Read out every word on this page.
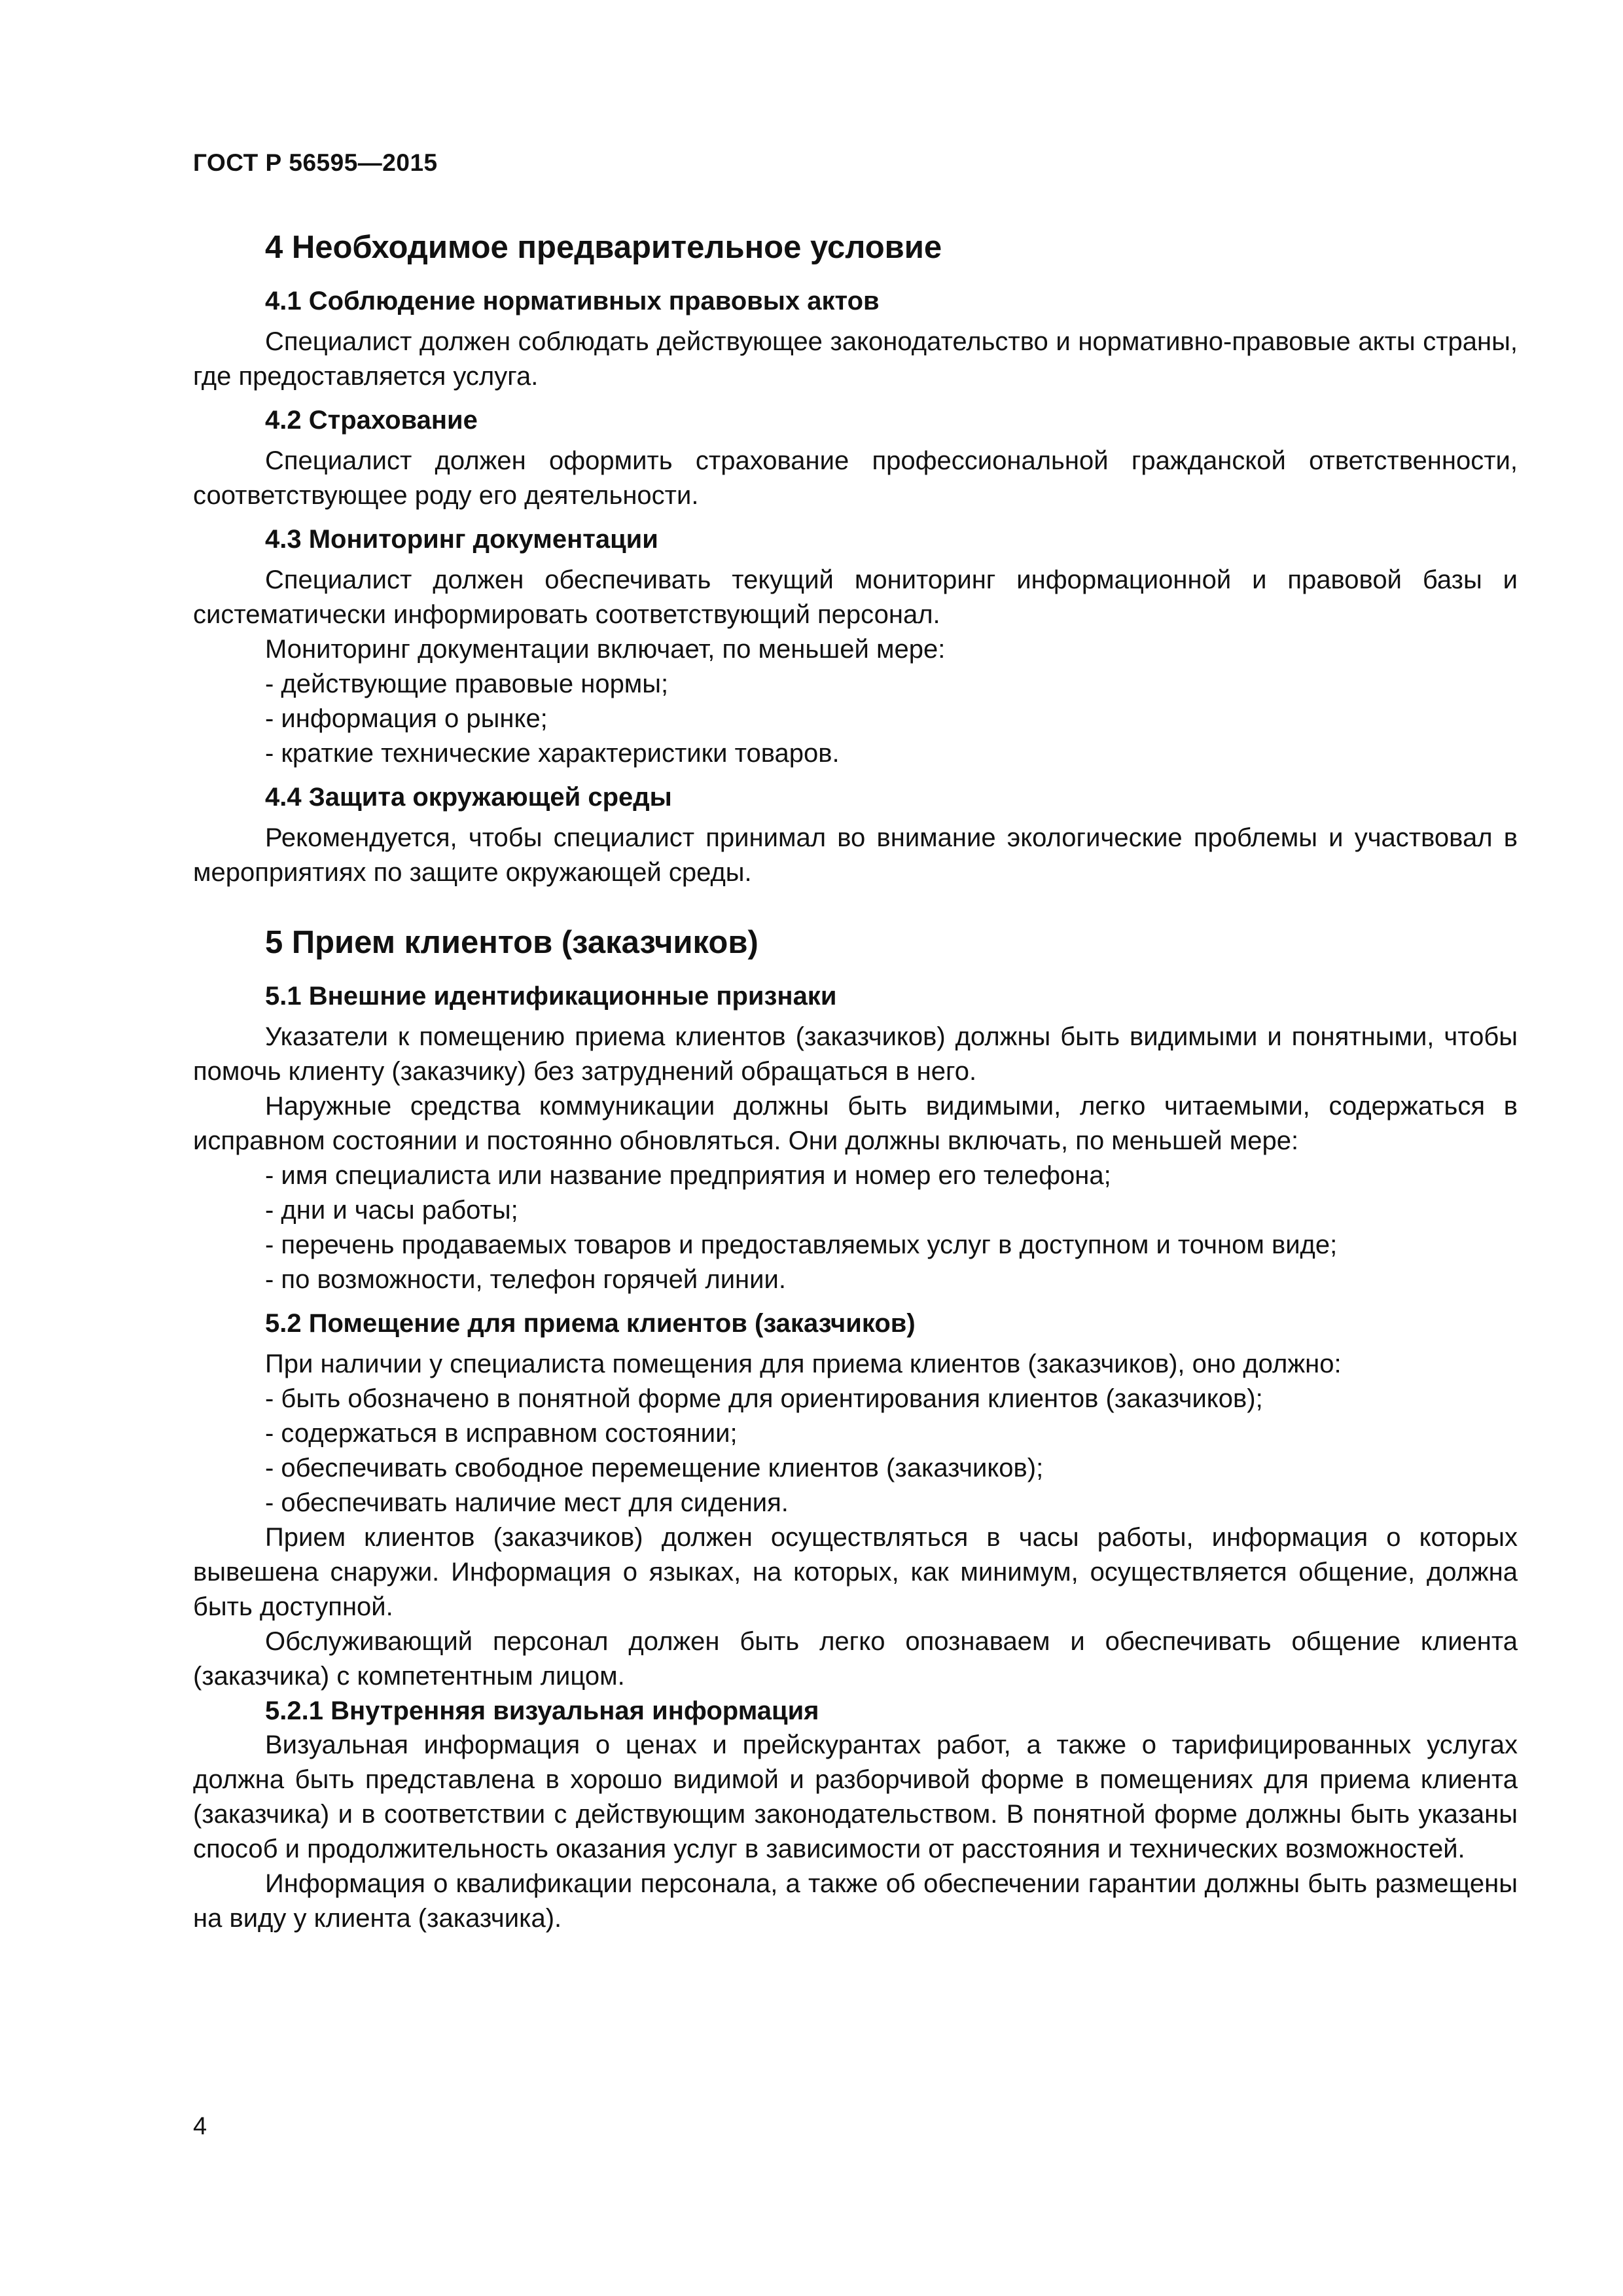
ГОСТ Р 56595—2015
4 Необходимое предварительное условие
4.1 Соблюдение нормативных правовых актов

Специалист должен соблюдать действующее законодательство и нормативно-правовые акты страны, где предоставляется услуга.

4.2 Страхование

Специалист должен оформить страхование профессиональной гражданской ответственности, соответствующее роду его деятельности.

4.3 Мониторинг документации

Специалист должен обеспечивать текущий мониторинг информационной и правовой базы и систематически информировать соответствующий персонал.

Мониторинг документации включает, по меньшей мере:

- действующие правовые нормы;
- информация о рынке;
- краткие технические характеристики товаров.
4.4 Защита окружающей среды

Рекомендуется, чтобы специалист принимал во внимание экологические проблемы и участвовал в мероприятиях по защите окружающей среды.

5 Прием клиентов (заказчиков)
5.1 Внешние идентификационные признаки

Указатели к помещению приема клиентов (заказчиков) должны быть видимыми и понятными, чтобы помочь клиенту (заказчику) без затруднений обращаться в него.

Наружные средства коммуникации должны быть видимыми, легко читаемыми, содержаться в исправном состоянии и постоянно обновляться. Они должны включать, по меньшей мере:

- имя специалиста или название предприятия и номер его телефона;
- дни и часы работы;
- перечень продаваемых товаров и предоставляемых услуг в доступном и точном виде;
- по возможности, телефон горячей линии.
5.2 Помещение для приема клиентов (заказчиков)

При наличии у специалиста помещения для приема клиентов (заказчиков), оно должно:

- быть обозначено в понятной форме для ориентирования клиентов (заказчиков);
- содержаться в исправном состоянии;
- обеспечивать свободное перемещение клиентов (заказчиков);
- обеспечивать наличие мест для сидения.

Прием клиентов (заказчиков) должен осуществляться в часы работы, информация о которых вывешена снаружи. Информация о языках, на которых, как минимум, осуществляется общение, должна быть доступной.

Обслуживающий персонал должен быть легко опознаваем и обеспечивать общение клиента (заказчика) с компетентным лицом.

5.2.1 Внутренняя визуальная информация

Визуальная информация о ценах и прейскурантах работ, а также о тарифицированных услугах должна быть представлена в хорошо видимой и разборчивой форме в помещениях для приема клиента (заказчика) и в соответствии с действующим законодательством. В понятной форме должны быть указаны способ и продолжительность оказания услуг в зависимости от расстояния и технических возможностей.

Информация о квалификации персонала, а также об обеспечении гарантии должны быть размещены на виду у клиента (заказчика).

4
